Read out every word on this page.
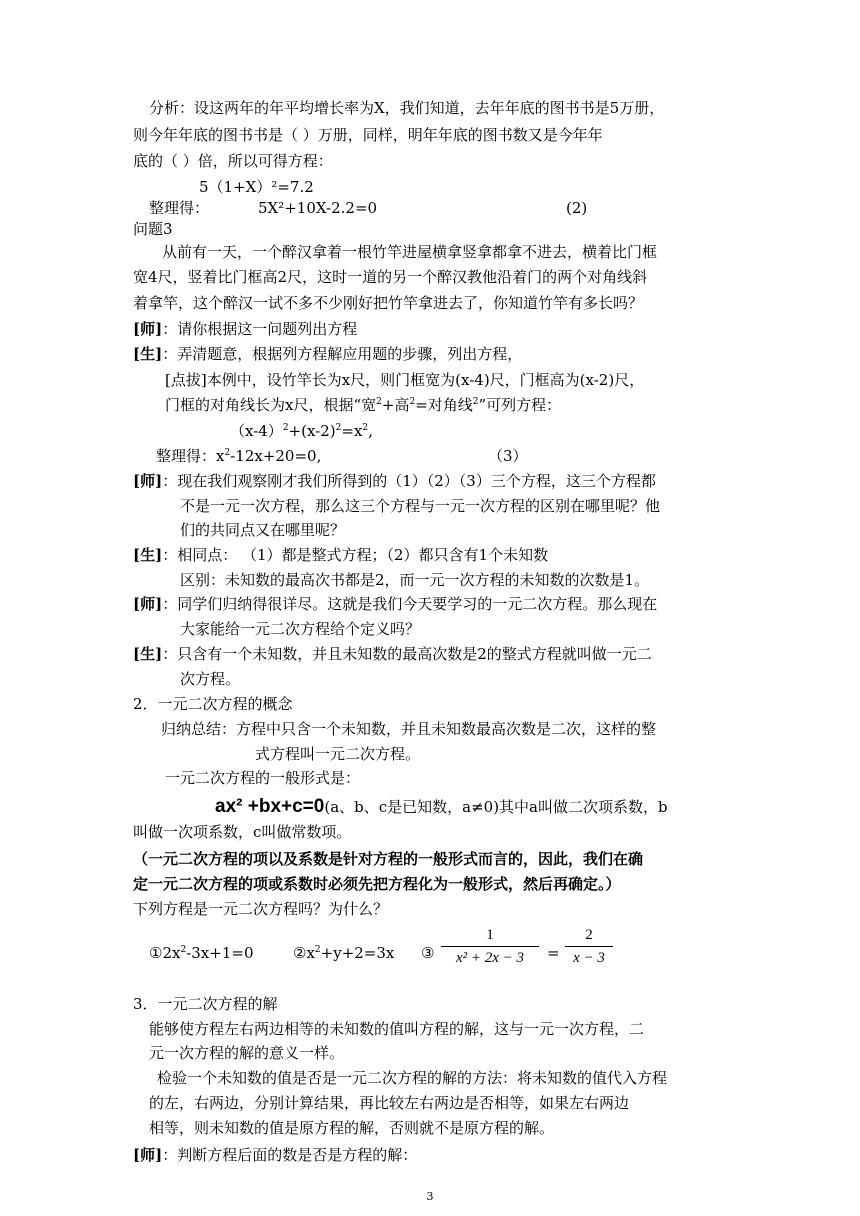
分析：设这两年的年平均增长率为X，我们知道，去年年底的图书书是5万册，
则今年年底的图书书是（ ）万册，同样，明年年底的图书数又是今年年
底的（ ）倍，所以可得方程：
5（1+X）²=7.2
整理得：	5X²+10X-2.2=0	(2)
问题3
从前有一天，一个醉汉拿着一根竹竿进屋横拿竖拿都拿不进去，横着比门框
宽4尺，竖着比门框高2尺，这时一道的另一个醉汉教他沿着门的两个对角线斜
着拿竿，这个醉汉一试不多不少刚好把竹竿拿进去了，你知道竹竿有多长吗？
[师]：请你根据这一问题列出方程
[生]：弄清题意，根据列方程解应用题的步骤，列出方程，
[点拔]本例中，设竹竿长为x尺，则门框宽为(x-4)尺，门框高为(x-2)尺，
门框的对角线长为x尺，根据“宽$^2$+高$^2$=对角线$^2$”可列方程：
$(x-4)^2+(x-2)^2=x^2$,
整理得：$x^2-12x+20=0$,	（3）
[师]：现在我们观察刚才我们所得到的（1）（2）（3）三个方程，这三个方程都
不是一元一次方程，那么这三个方程与一元一次方程的区别在哪里呢？他
们的共同点又在哪里呢？
[生]：相同点： （1）都是整式方程；（2）都只含有1个未知数
区别：未知数的最高次书都是2，而一元一次方程的未知数的次数是1。
[师]：同学们归纳得很详尽。这就是我们今天要学习的一元二次方程。那么现在
大家能给一元二次方程给个定义吗？
[生]：只含有一个未知数，并且未知数的最高次数是2的整式方程就叫做一元二
次方程。
2．一元二次方程的概念
归纳总结：方程中只含一个未知数，并且未知数最高次数是二次，这样的整
式方程叫一元二次方程。
一元二次方程的一般形式是：
ax² +bx+c=0(a、b、c是已知数，a≠0)其中a叫做二次项系数，b
叫做一次项系数，c叫做常数项。
（一元二次方程的项以及系数是针对方程的一般形式而言的，因此，我们在确
定一元二次方程的项或系数时必须先把方程化为一般形式，然后再确定。）
下列方程是一元二次方程吗？为什么？
$①2x^2-3x+1=0$	$②x^2+y+2=3x$ ③
1
x² + 2x − 3	=
2
x − 3
3．一元二次方程的解
能够使方程左右两边相等的未知数的值叫方程的解，这与一元一次方程，二
元一次方程的解的意义一样。
检验一个未知数的值是否是一元二次方程的解的方法：将未知数的值代入方程
的左，右两边，分别计算结果，再比较左右两边是否相等，如果左右两边
相等，则未知数的值是原方程的解，否则就不是原方程的解。
[师]：判断方程后面的数是否是方程的解：
3
